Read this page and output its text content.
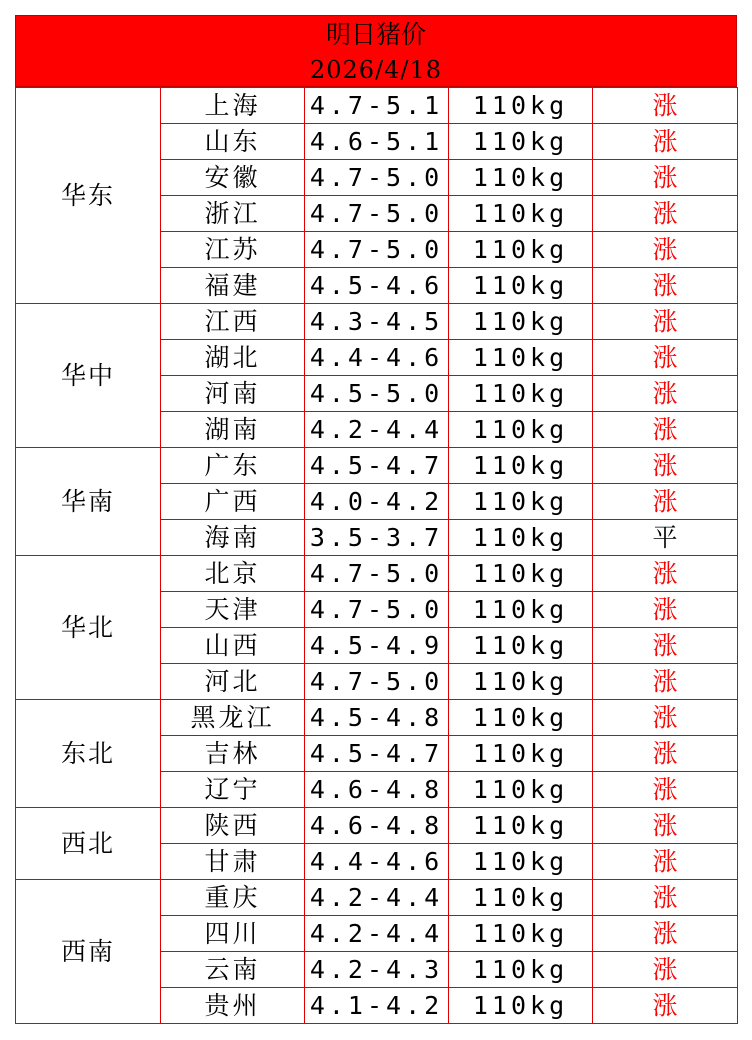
明日猪价
2026/4/18
华东	上海	4.7-5.1	110kg	涨
	山东	4.6-5.1	110kg	涨
	安徽	4.7-5.0	110kg	涨
	浙江	4.7-5.0	110kg	涨
	江苏	4.7-5.0	110kg	涨
	福建	4.5-4.6	110kg	涨
华中	江西	4.3-4.5	110kg	涨
	湖北	4.4-4.6	110kg	涨
	河南	4.5-5.0	110kg	涨
	湖南	4.2-4.4	110kg	涨
华南	广东	4.5-4.7	110kg	涨
	广西	4.0-4.2	110kg	涨
	海南	3.5-3.7	110kg	平
华北	北京	4.7-5.0	110kg	涨
	天津	4.7-5.0	110kg	涨
	山西	4.5-4.9	110kg	涨
	河北	4.7-5.0	110kg	涨
东北	黑龙江	4.5-4.8	110kg	涨
	吉林	4.5-4.7	110kg	涨
	辽宁	4.6-4.8	110kg	涨
西北	陕西	4.6-4.8	110kg	涨
	甘肃	4.4-4.6	110kg	涨
西南	重庆	4.2-4.4	110kg	涨
	四川	4.2-4.4	110kg	涨
	云南	4.2-4.3	110kg	涨
	贵州	4.1-4.2	110kg	涨
